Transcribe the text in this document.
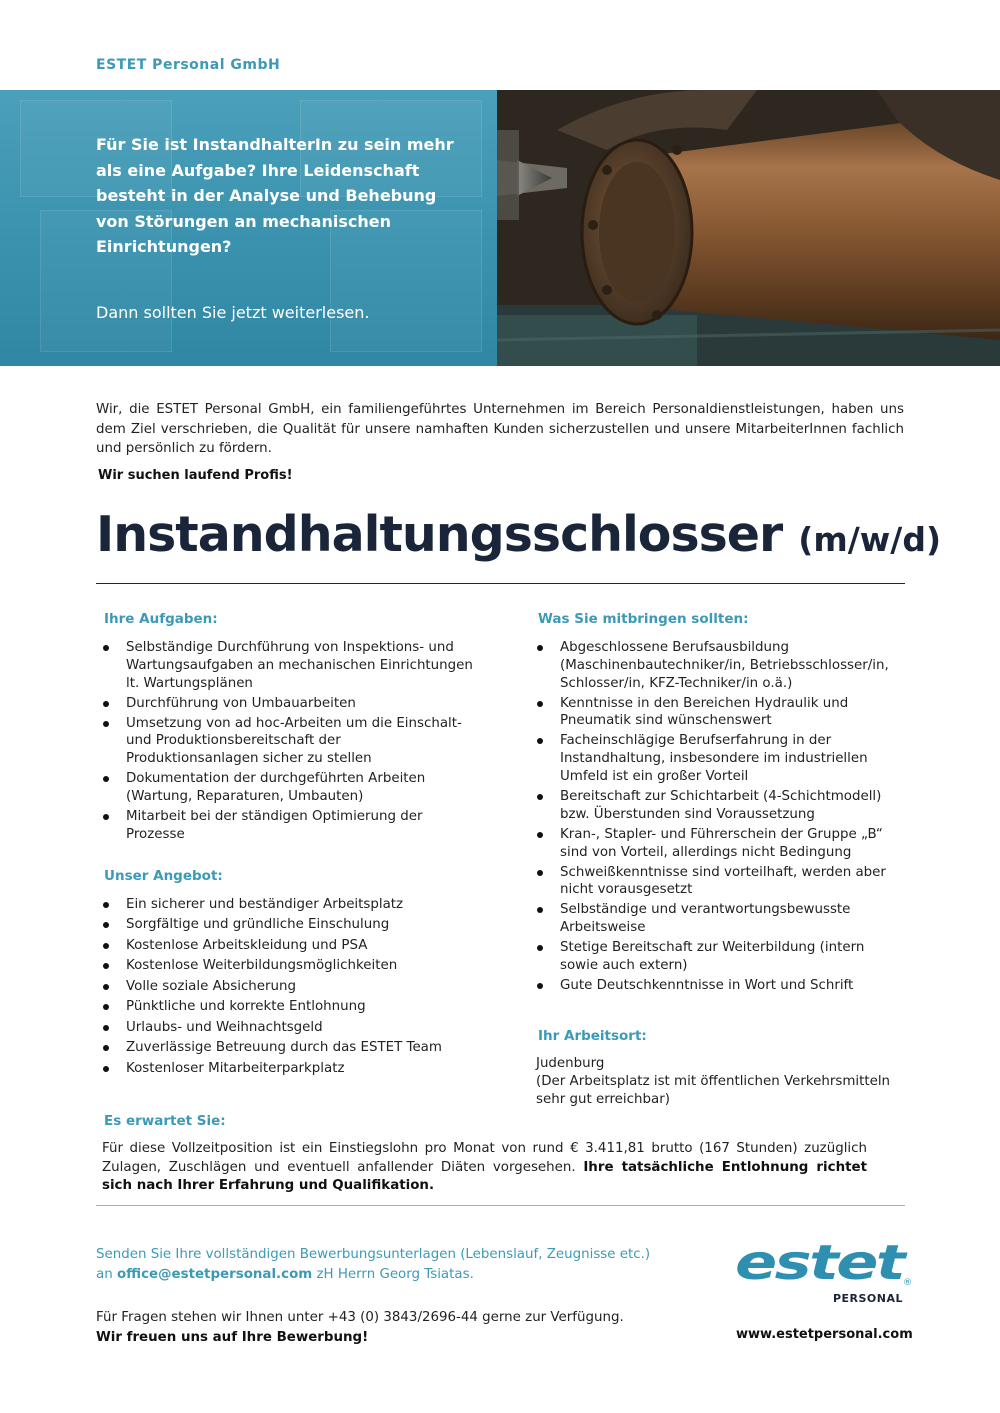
ESTET Personal GmbH

Für Sie ist InstandhalterIn zu sein mehr als eine Aufgabe? Ihre Leidenschaft besteht in der Analyse und Behebung von Störungen an mechanischen Einrichtungen?

Dann sollten Sie jetzt weiterlesen.

Wir, die ESTET Personal GmbH, ein familiengeführtes Unternehmen im Bereich Personaldienstleistungen, haben uns dem Ziel verschrieben, die Qualität für unsere namhaften Kunden sicherzustellen und unsere MitarbeiterInnen fachlich und persönlich zu fördern.

Wir suchen laufend Profis!
Instandhaltungsschlosser (m/w/d)
Ihre Aufgaben:
Selbständige Durchführung von Inspektions- und Wartungsaufgaben an mechanischen Einrichtungen lt. Wartungsplänen
Durchführung von Umbauarbeiten
Umsetzung von ad hoc-Arbeiten um die Einschalt- und Produktionsbereitschaft der Produktionsanlagen sicher zu stellen
Dokumentation der durchgeführten Arbeiten (Wartung, Reparaturen, Umbauten)
Mitarbeit bei der ständigen Optimierung der Prozesse
Unser Angebot:
Ein sicherer und beständiger Arbeitsplatz
Sorgfältige und gründliche Einschulung
Kostenlose Arbeitskleidung und PSA
Kostenlose Weiterbildungsmöglichkeiten
Volle soziale Absicherung
Pünktliche und korrekte Entlohnung
Urlaubs- und Weihnachtsgeld
Zuverlässige Betreuung durch das ESTET Team
Kostenloser Mitarbeiterparkplatz
Was Sie mitbringen sollten:
Abgeschlossene Berufsausbildung (Maschinenbautechniker/in, Betriebsschlosser/in, Schlosser/in, KFZ-Techniker/in o.ä.)
Kenntnisse in den Bereichen Hydraulik und Pneumatik sind wünschenswert
Facheinschlägige Berufserfahrung in der Instandhaltung, insbesondere im industriellen Umfeld ist ein großer Vorteil
Bereitschaft zur Schichtarbeit (4-Schichtmodell) bzw. Überstunden sind Voraussetzung
Kran-, Stapler- und Führerschein der Gruppe „B“ sind von Vorteil, allerdings nicht Bedingung
Schweißkenntnisse sind vorteilhaft, werden aber nicht vorausgesetzt
Selbständige und verantwortungsbewusste Arbeitsweise
Stetige Bereitschaft zur Weiterbildung (intern sowie auch extern)
Gute Deutschkenntnisse in Wort und Schrift
Ihr Arbeitsort:

Judenburg

(Der Arbeitsplatz ist mit öffentlichen Verkehrsmitteln sehr gut erreichbar)

Es erwartet Sie:

Für diese Vollzeitposition ist ein Einstiegslohn pro Monat von rund € 3.411,81 brutto (167 Stunden) zuzüglich Zulagen, Zuschlägen und eventuell anfallender Diäten vorgesehen. Ihre tatsächliche Entlohnung richtet sich nach Ihrer Erfahrung und Qualifikation.

Senden Sie Ihre vollständigen Bewerbungsunterlagen (Lebenslauf, Zeugnisse etc.)
an office@estetpersonal.com zH Herrn Georg Tsiatas.

Für Fragen stehen wir Ihnen unter +43 (0) 3843/2696-44 gerne zur Verfügung.
Wir freuen uns auf Ihre Bewerbung!

estet
®
PERSONAL
www.estetpersonal.com
